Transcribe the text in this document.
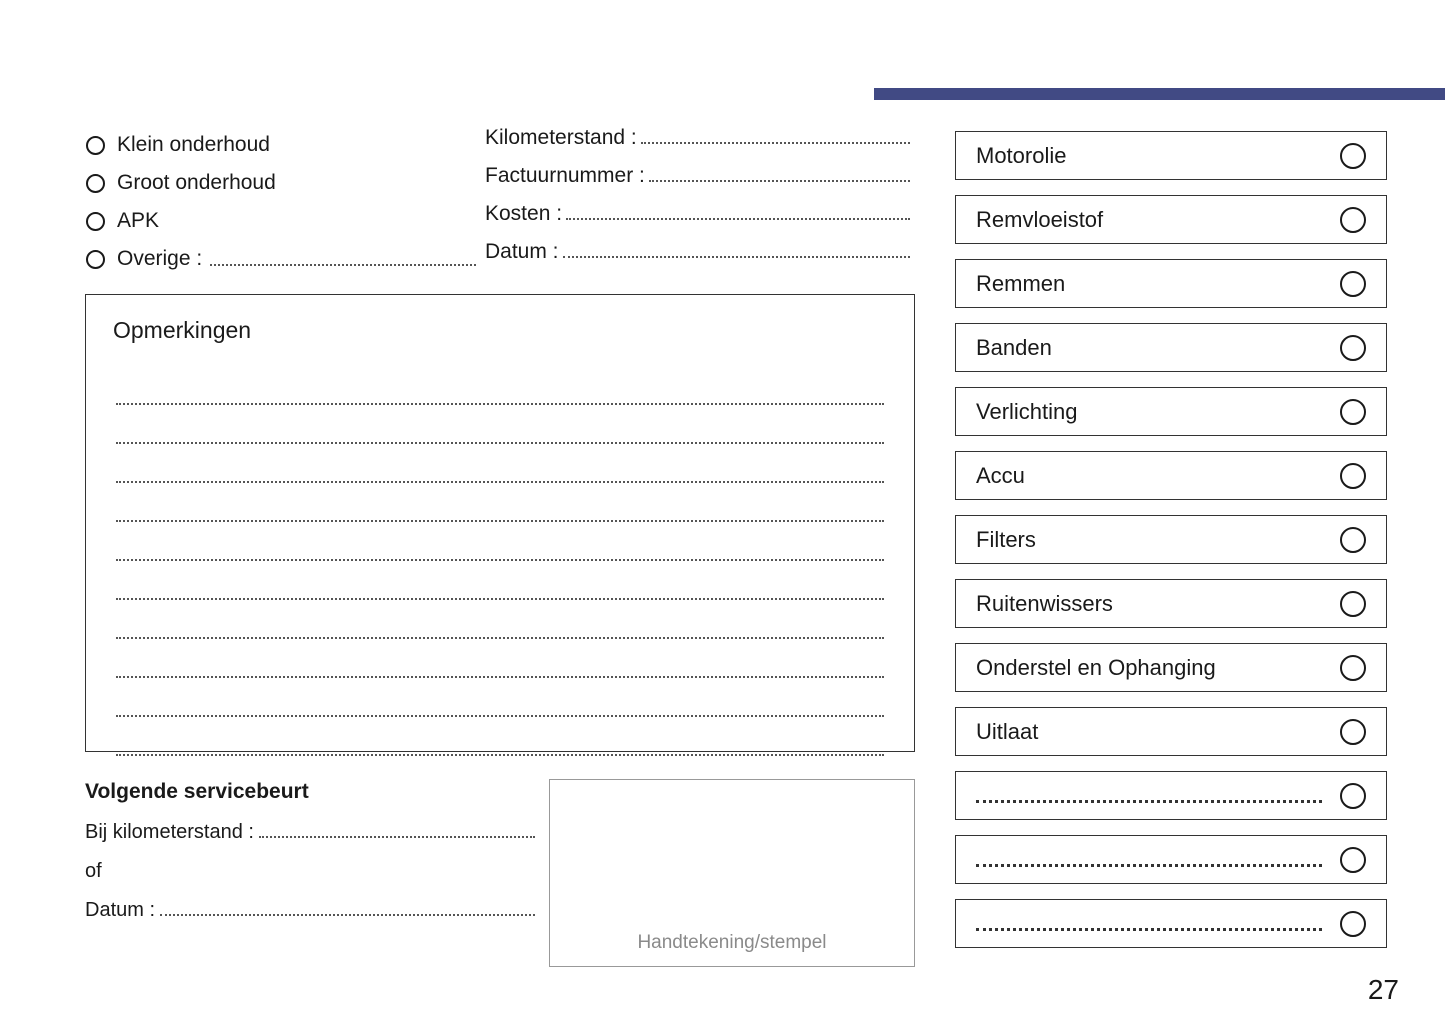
Klein onderhoud
Groot onderhoud
APK
Overige :
Kilometerstand :
Factuurnummer :
Kosten :
Datum :
Opmerkingen
Volgende servicebeurt
Bij kilometerstand :
of
Datum :
Handtekening/stempel
Motorolie
Remvloeistof
Remmen
Banden
Verlichting
Accu
Filters
Ruitenwissers
Onderstel en Ophanging
Uitlaat
27
